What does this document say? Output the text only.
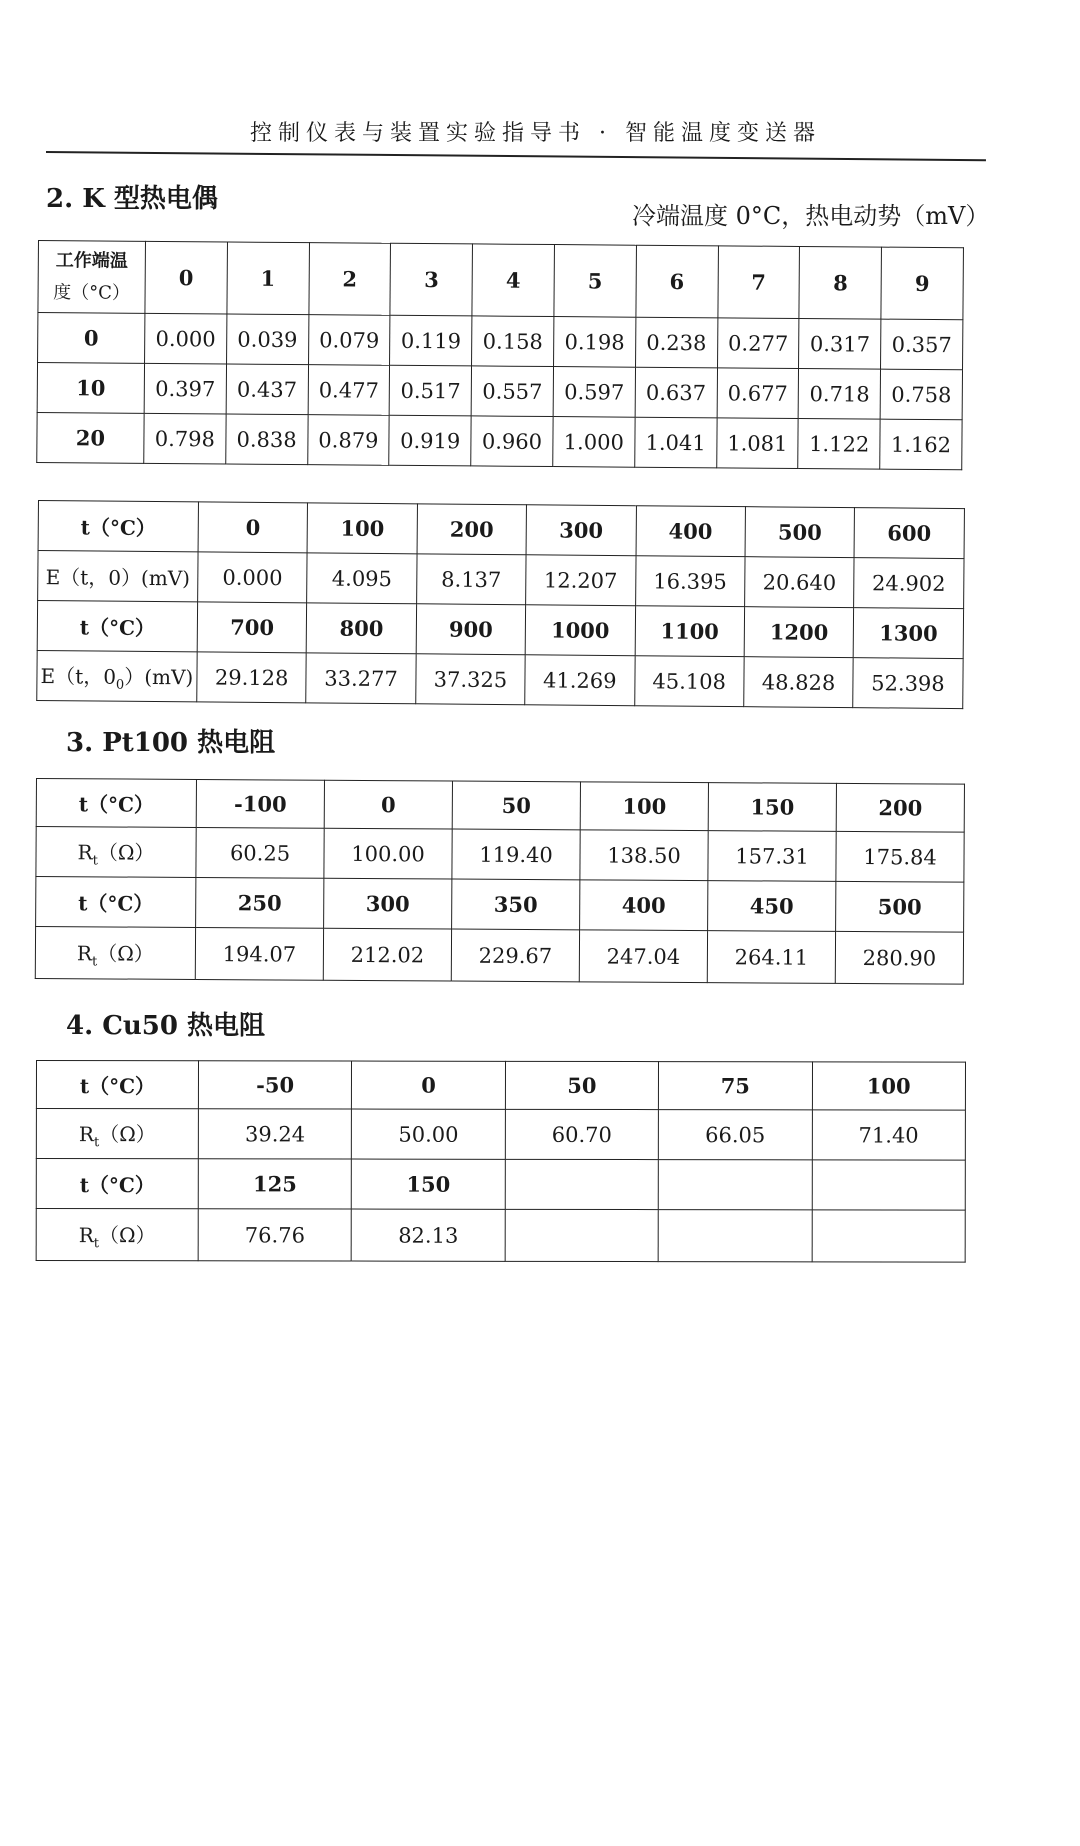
控制仪表与装置实验指导书 · 智能温度变送器
2. K 型热电偶
冷端温度 0°C，热电动势（mV）
工作端温
度（°C）	0	1	2	3	4	5	6	7	8	9
0	0.000	0.039	0.079	0.119	0.158	0.198	0.238	0.277	0.317	0.357
10	0.397	0.437	0.477	0.517	0.557	0.597	0.637	0.677	0.718	0.758
20	0.798	0.838	0.879	0.919	0.960	1.000	1.041	1.081	1.122	1.162
t（°C）	0	100	200	300	400	500	600
E（t，0）(mV)	0.000	4.095	8.137	12.207	16.395	20.640	24.902
t（°C）	700	800	900	1000	1100	1200	1300
E（t，$0_0)(mV)$	29.128	33.277	37.325	41.269	45.108	48.828	52.398
3. Pt100 热电阻
t（°C）	-100	0	50	100	150	200
$R_t(\Omega)$	60.25	100.00	119.40	138.50	157.31	175.84
t（°C）	250	300	350	400	450	500
$R_t(\Omega)$	194.07	212.02	229.67	247.04	264.11	280.90
4. Cu50 热电阻
t（°C）	-50	0	50	75	100
$R_t(\Omega)$	39.24	50.00	60.70	66.05	71.40
t（°C）	125	150			
$R_t(\Omega)$	76.76	82.13			
